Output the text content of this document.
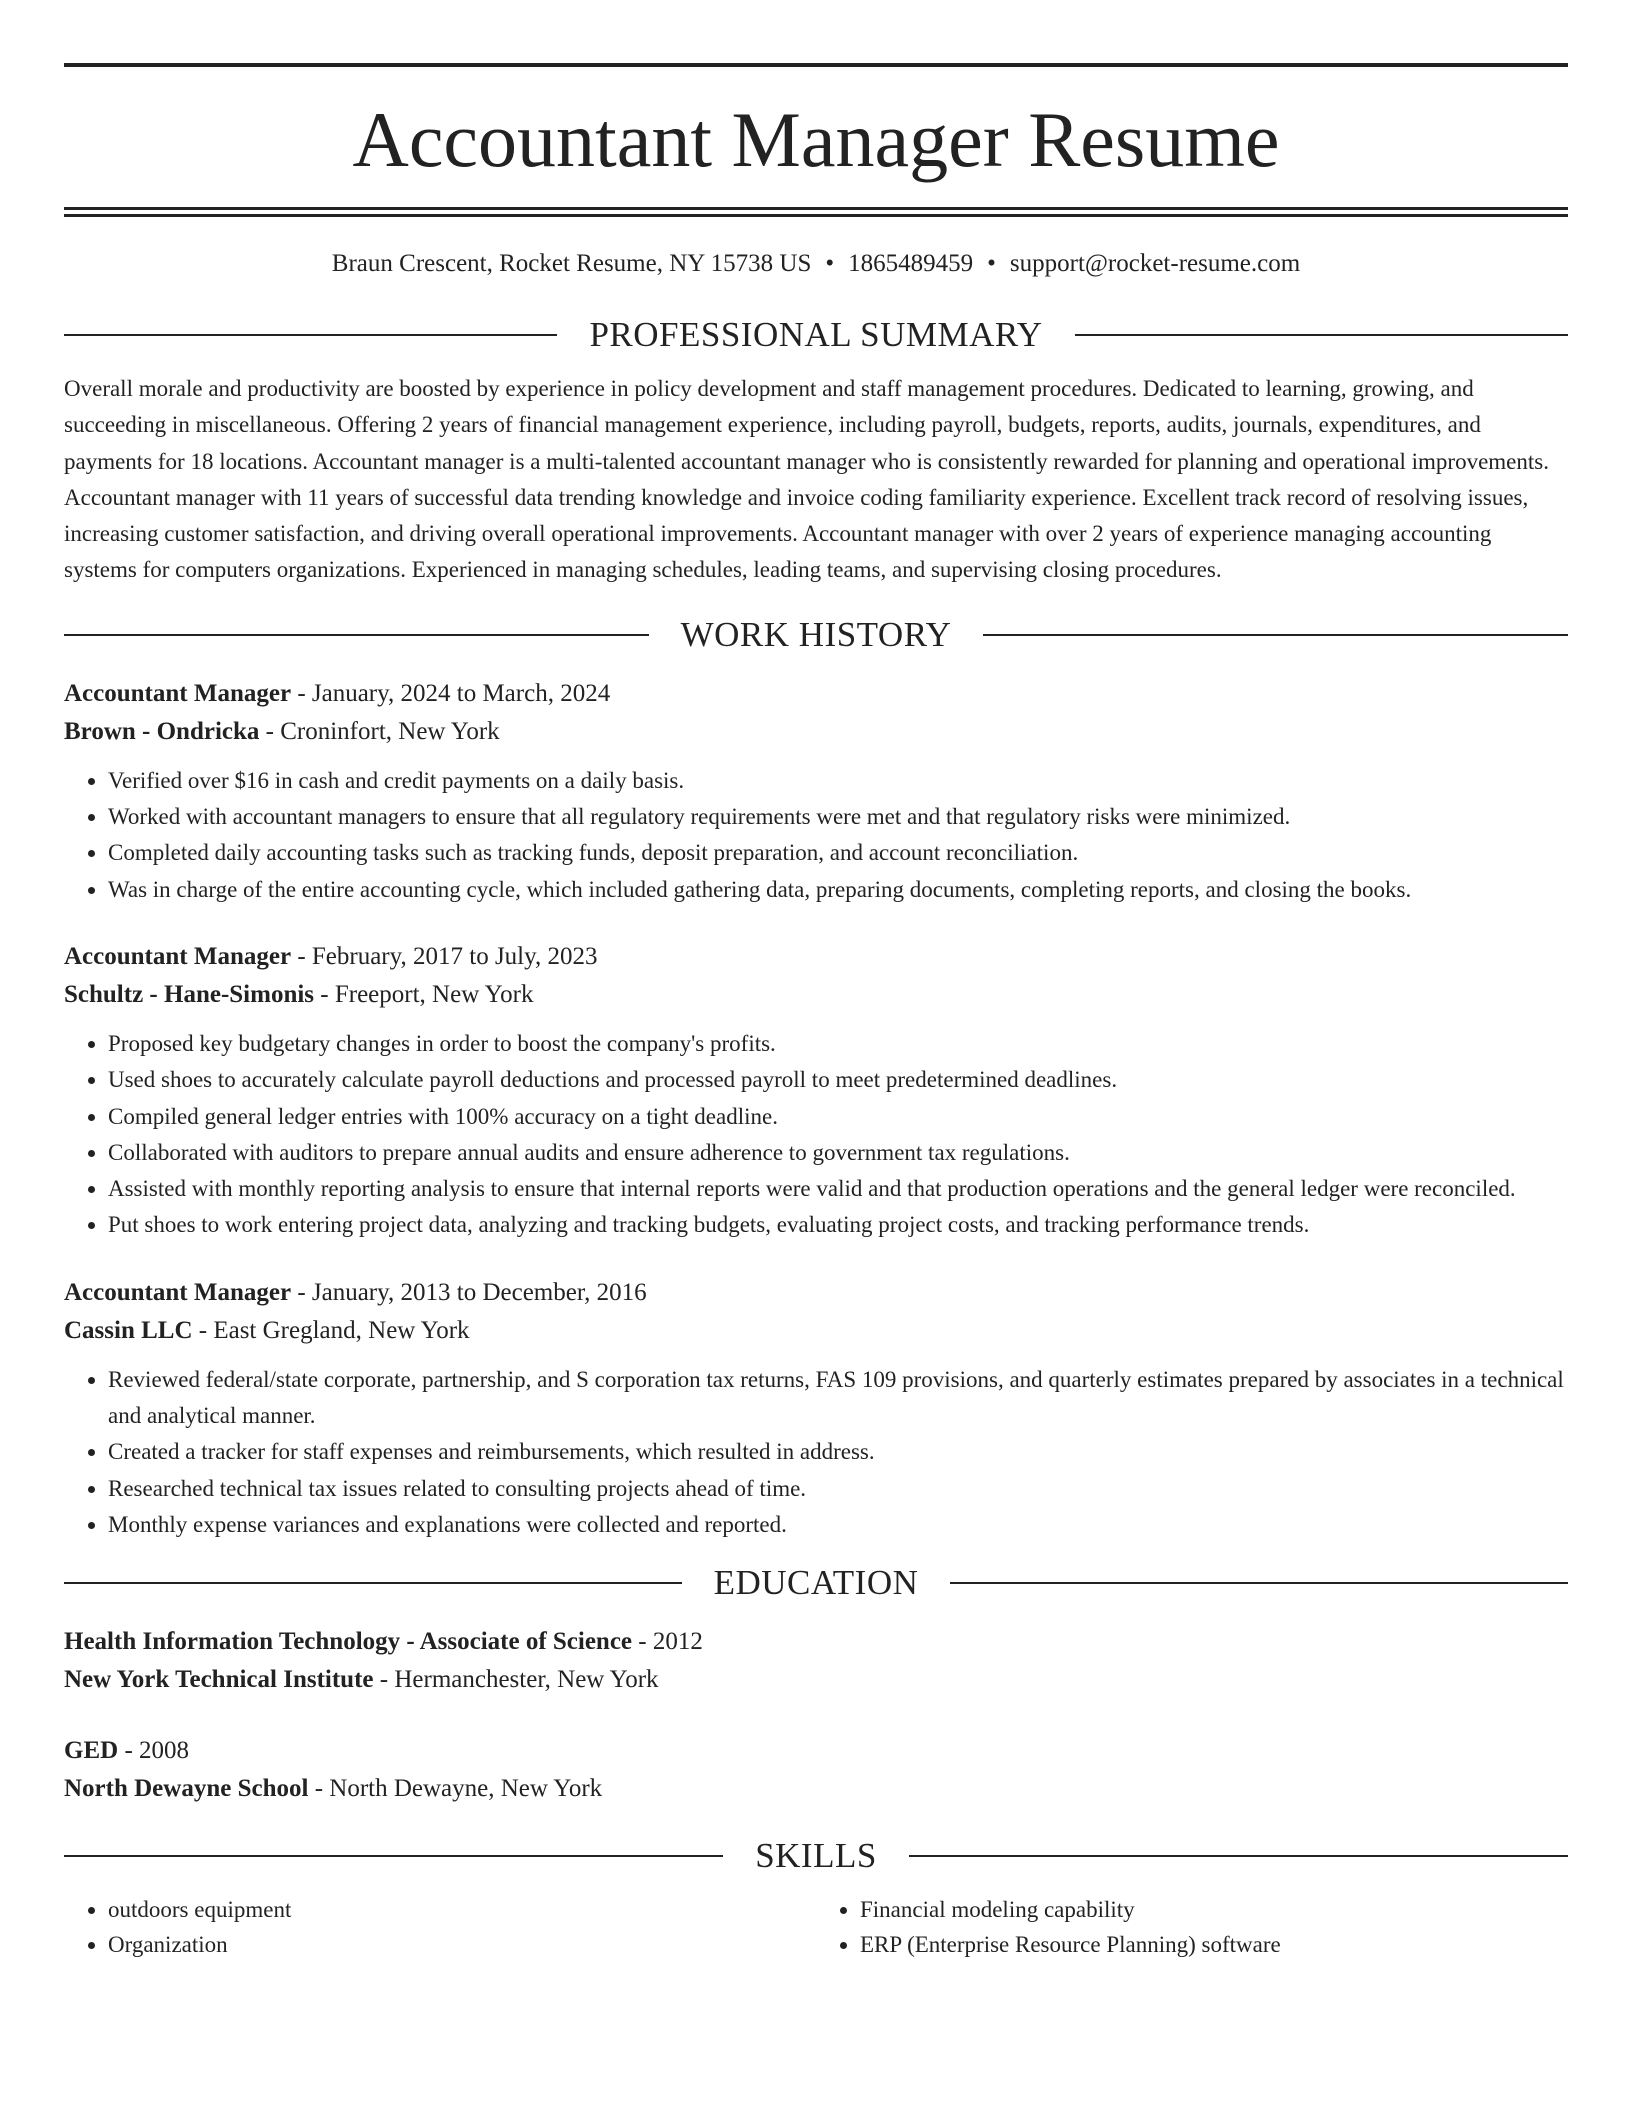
Accountant Manager Resume
Braun Crescent, Rocket Resume, NY 15738 US • 1865489459 • support@rocket-resume.com
PROFESSIONAL SUMMARY
Overall morale and productivity are boosted by experience in policy development and staff management procedures. Dedicated to learning, growing, and succeeding in miscellaneous. Offering 2 years of financial management experience, including payroll, budgets, reports, audits, journals, expenditures, and payments for 18 locations. Accountant manager is a multi-talented accountant manager who is consistently rewarded for planning and operational improvements. Accountant manager with 11 years of successful data trending knowledge and invoice coding familiarity experience. Excellent track record of resolving issues, increasing customer satisfaction, and driving overall operational improvements. Accountant manager with over 2 years of experience managing accounting systems for computers organizations. Experienced in managing schedules, leading teams, and supervising closing procedures.
WORK HISTORY
Accountant Manager - January, 2024 to March, 2024
Brown - Ondricka - Croninfort, New York
• Verified over $16 in cash and credit payments on a daily basis.
• Worked with accountant managers to ensure that all regulatory requirements were met and that regulatory risks were minimized.
• Completed daily accounting tasks such as tracking funds, deposit preparation, and account reconciliation.
• Was in charge of the entire accounting cycle, which included gathering data, preparing documents, completing reports, and closing the books.
Accountant Manager - February, 2017 to July, 2023
Schultz - Hane-Simonis - Freeport, New York
• Proposed key budgetary changes in order to boost the company's profits.
• Used shoes to accurately calculate payroll deductions and processed payroll to meet predetermined deadlines.
• Compiled general ledger entries with 100% accuracy on a tight deadline.
• Collaborated with auditors to prepare annual audits and ensure adherence to government tax regulations.
• Assisted with monthly reporting analysis to ensure that internal reports were valid and that production operations and the general ledger were reconciled.
• Put shoes to work entering project data, analyzing and tracking budgets, evaluating project costs, and tracking performance trends.
Accountant Manager - January, 2013 to December, 2016
Cassin LLC - East Gregland, New York
• Reviewed federal/state corporate, partnership, and S corporation tax returns, FAS 109 provisions, and quarterly estimates prepared by associates in a technical and analytical manner.
• Created a tracker for staff expenses and reimbursements, which resulted in address.
• Researched technical tax issues related to consulting projects ahead of time.
• Monthly expense variances and explanations were collected and reported.
EDUCATION
Health Information Technology - Associate of Science - 2012
New York Technical Institute - Hermanchester, New York
GED - 2008
North Dewayne School - North Dewayne, New York
SKILLS
• outdoors equipment
• Organization
• Financial modeling capability
• ERP (Enterprise Resource Planning) software
